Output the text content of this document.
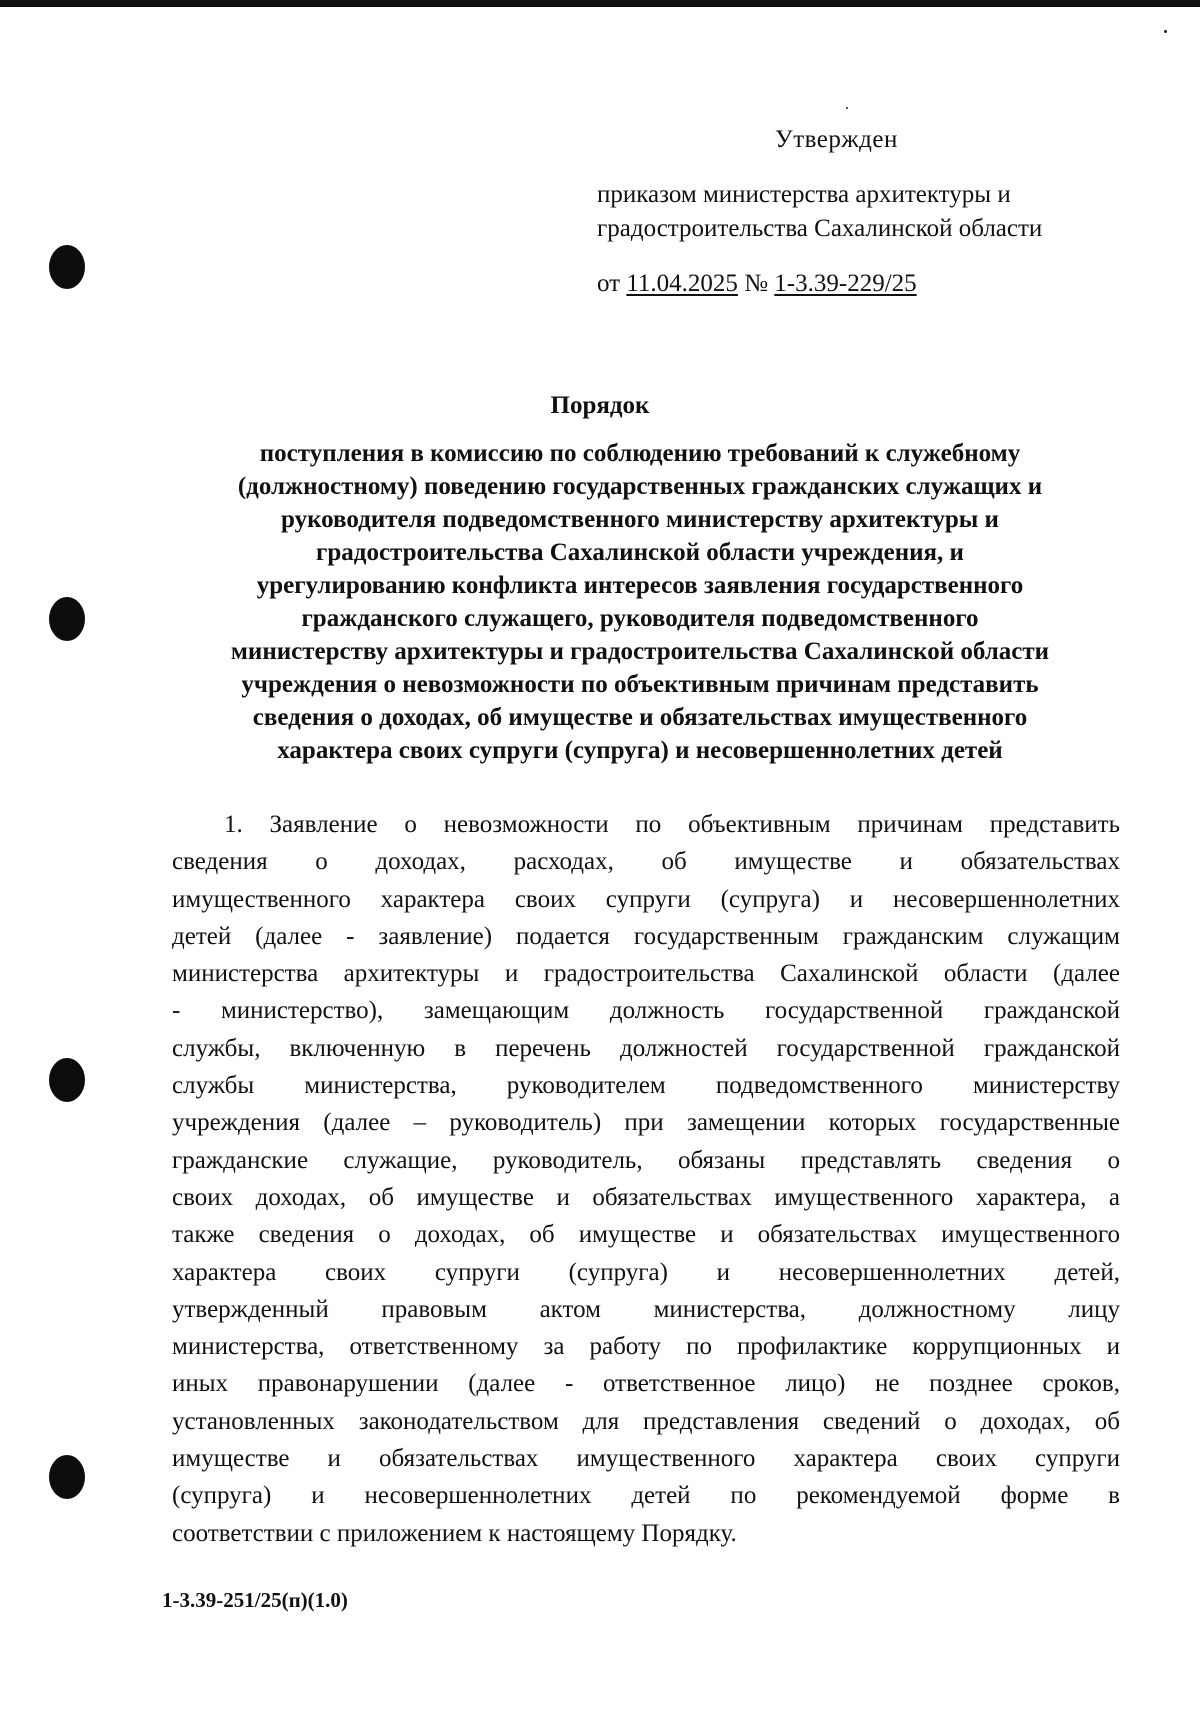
Утвержден
приказом министерства архитектуры и
градостроительства Сахалинской области
от 11.04.2025 № 1-3.39-229/25
Порядок
поступления в комиссию по соблюдению требований к служебному
(должностному) поведению государственных гражданских служащих и
руководителя подведомственного министерству архитектуры и
градостроительства Сахалинской области учреждения, и
урегулированию конфликта интересов заявления государственного
гражданского служащего, руководителя подведомственного
министерству архитектуры и градостроительства Сахалинской области
учреждения о невозможности по объективным причинам представить
сведения о доходах, об имуществе и обязательствах имущественного
характера своих супруги (супруга) и несовершеннолетних детей
1. Заявление о невозможности по объективным причинам представить
сведения о доходах, расходах, об имуществе и обязательствах
имущественного характера своих супруги (супруга) и несовершеннолетних
детей (далее - заявление) подается государственным гражданским служащим
министерства архитектуры и градостроительства Сахалинской области (далее
- министерство), замещающим должность государственной гражданской
службы, включенную в перечень должностей государственной гражданской
службы министерства, руководителем подведомственного министерству
учреждения (далее – руководитель) при замещении которых государственные
гражданские служащие, руководитель, обязаны представлять сведения о
своих доходах, об имуществе и обязательствах имущественного характера, а
также сведения о доходах, об имуществе и обязательствах имущественного
характера своих супруги (супруга) и несовершеннолетних детей,
утвержденный правовым актом министерства, должностному лицу
министерства, ответственному за работу по профилактике коррупционных и
иных правонарушении (далее - ответственное лицо) не позднее сроков,
установленных законодательством для представления сведений о доходах, об
имуществе и обязательствах имущественного характера своих супруги
(супруга) и несовершеннолетних детей по рекомендуемой форме в
соответствии с приложением к настоящему Порядку.
1-3.39-251/25(п)(1.0)
